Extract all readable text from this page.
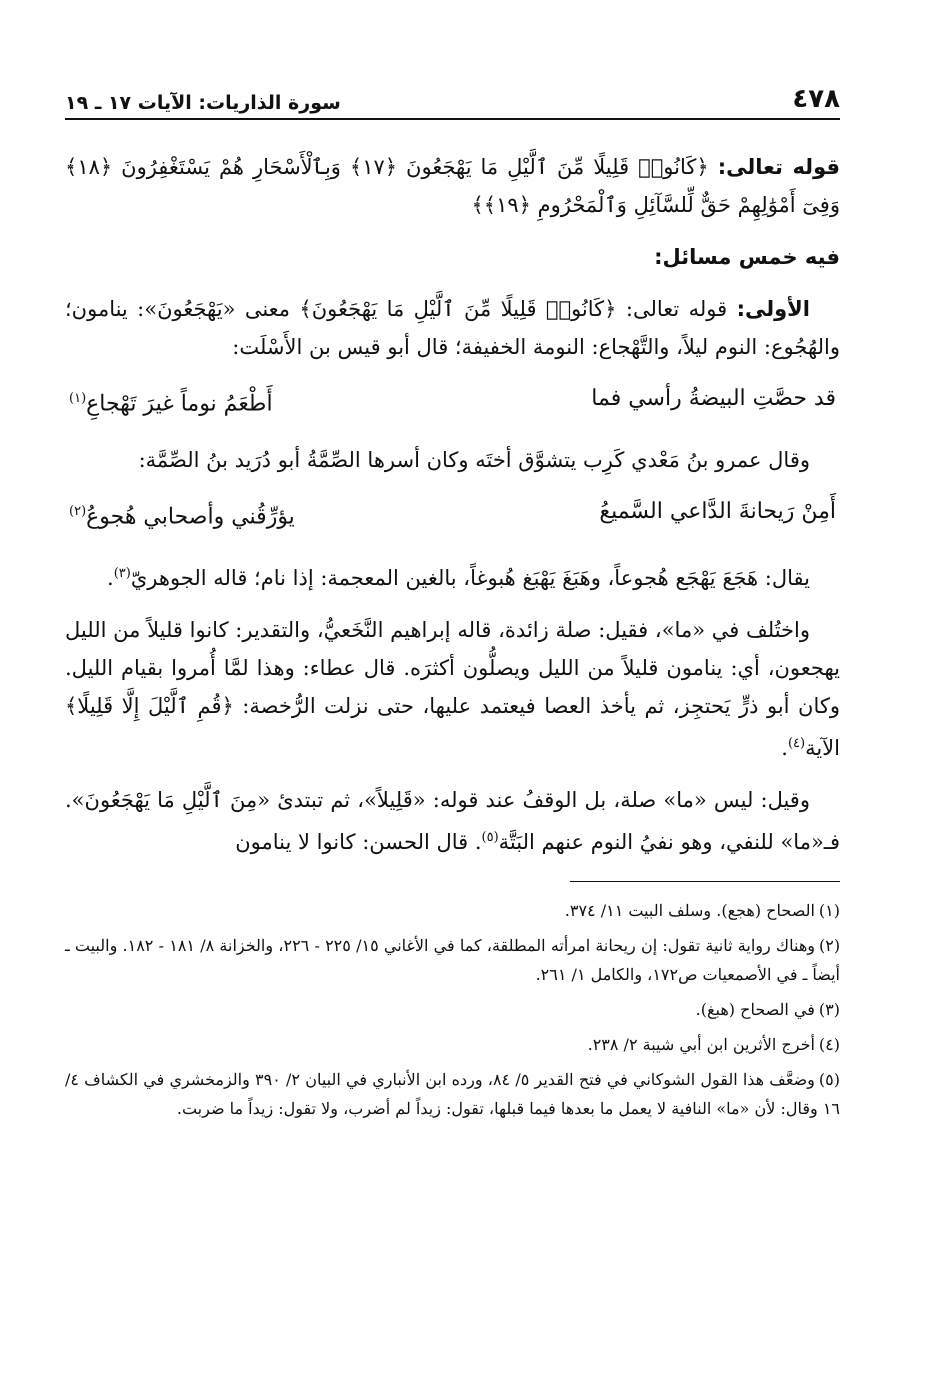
٤٧٨
سورة الذاريات: الآيات ١٧ ـ ١٩

قوله تعالى: ﴿كَانُوا۟ قَلِيلًا مِّنَ ٱلَّيْلِ مَا يَهْجَعُونَ ﴿١٧﴾ وَبِٱلْأَسْحَارِ هُمْ يَسْتَغْفِرُونَ ﴿١٨﴾ وَفِىٓ أَمْوَٰلِهِمْ حَقٌّ لِّلسَّآئِلِ وَٱلْمَحْرُومِ ﴿١٩﴾﴾

فيه خمس مسائل:

الأولى: قوله تعالى: ﴿كَانُوا۟ قَلِيلًا مِّنَ ٱلَّيْلِ مَا يَهْجَعُونَ﴾ معنى «يَهْجَعُونَ»: ينامون؛ والهُجُوع: النوم ليلاً، والتَّهْجاع: النومة الخفيفة؛ قال أبو قيس بن الأَسْلَت:

قد حصَّتِ البيضةُ رأسي فما
أَطْعَمُ نوماً غيرَ تَهْجاعِ$^{(١)}$

وقال عمرو بنُ مَعْدي كَرِب يتشوَّق أختَه وكان أسرها الصِّمَّةُ أبو دُرَيد بنُ الصِّمَّة:

أَمِنْ رَيحانةَ الدَّاعي السَّميعُ
يؤرِّقُني وأصحابي هُجوعُ$^{(٢)}$

يقال: هَجَعَ يَهْجَع هُجوعاً، وهَبَغَ يَهْبَغ هُبوغاً، بالغين المعجمة: إذا نام؛ قاله الجوهريّ$^{(٣)}$.

واختُلف في «ما»، فقيل: صلة زائدة، قاله إبراهيم النَّخَعيُّ، والتقدير: كانوا قليلاً من الليل يهجعون، أي: ينامون قليلاً من الليل ويصلُّون أكثرَه. قال عطاء: وهذا لمَّا أُمروا بقيام الليل. وكان أبو ذرٍّ يَحتجِز، ثم يأخذ العصا فيعتمد عليها، حتى نزلت الرُّخصة: ﴿قُمِ ٱلَّيْلَ إِلَّا قَلِيلًا﴾ الآية$^{(٤)}$.

وقيل: ليس «ما» صلة، بل الوقفُ عند قوله: «قَلِيلاً»، ثم تبتدئ «مِنَ ٱلَّيْلِ مَا يَهْجَعُونَ». فـ«ما» للنفي، وهو نفيُ النوم عنهم البَتَّة$^{(٥)}$. قال الحسن: كانوا لا ينامون

(١)الصحاح (هجع). وسلف البيت ١١/ ٣٧٤.

(٢)وهناك رواية ثانية تقول: إن ريحانة امرأته المطلقة، كما في الأغاني ١٥/ ٢٢٥ - ٢٢٦، والخزانة ٨/ ١٨١ - ١٨٢. والبيت ـ أيضاً ـ في الأصمعيات ص١٧٢، والكامل ١/ ٢٦١.

(٣)في الصحاح (هبغ).

(٤)أخرج الأثرين ابن أبي شيبة ٢/ ٢٣٨.

(٥)وضعَّف هذا القول الشوكاني في فتح القدير ٥/ ٨٤، ورده ابن الأنباري في البيان ٢/ ٣٩٠ والزمخشري في الكشاف ٤/ ١٦ وقال: لأن «ما» النافية لا يعمل ما بعدها فيما قبلها، تقول: زيداً لم أضرب، ولا تقول: زيداً ما ضربت.
